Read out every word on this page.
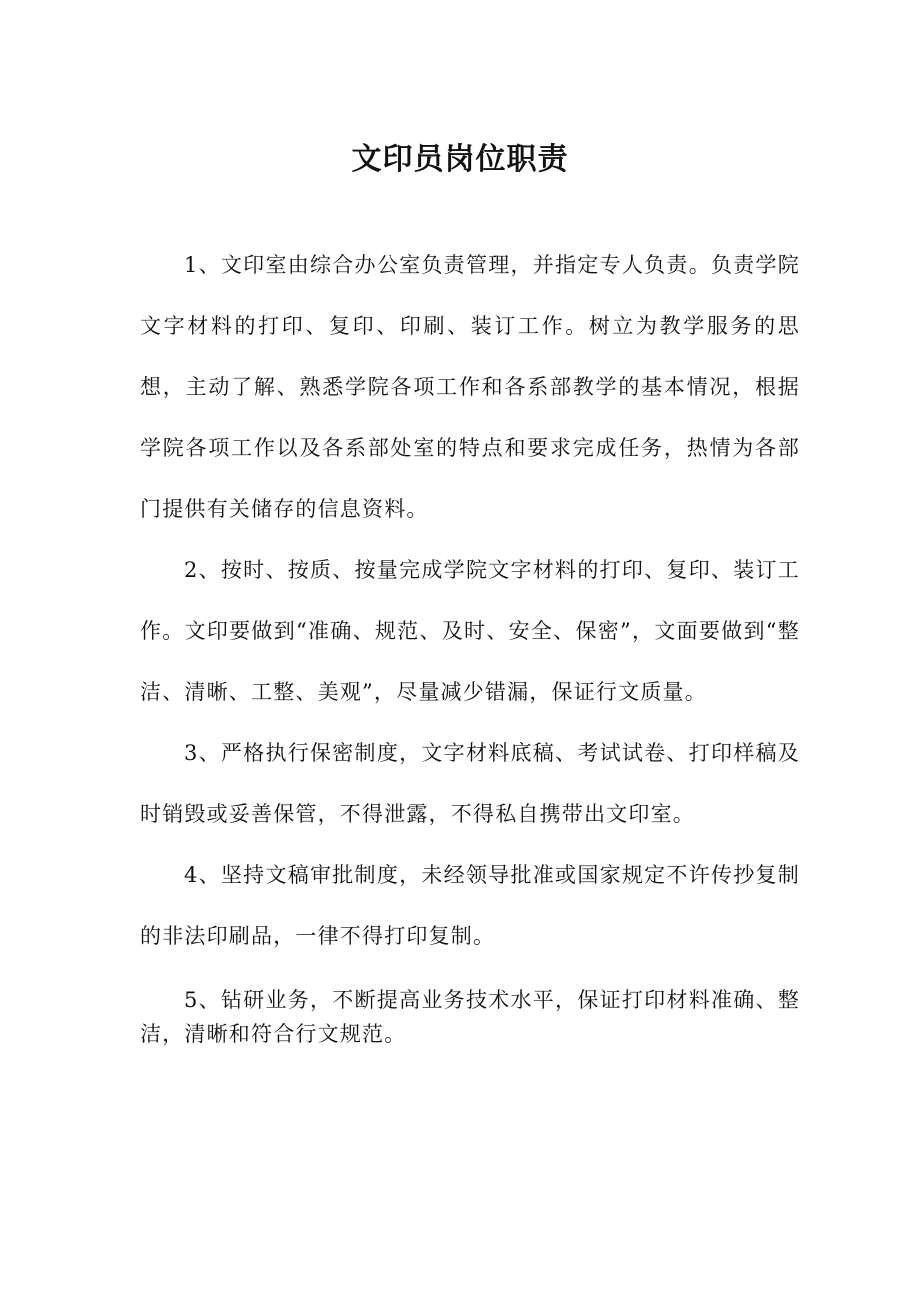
文印员岗位职责

1、文印室由综合办公室负责管理，并指定专人负责。负责学院文字材料的打印、复印、印刷、装订工作。树立为教学服务的思想，主动了解、熟悉学院各项工作和各系部教学的基本情况，根据学院各项工作以及各系部处室的特点和要求完成任务，热情为各部门提供有关储存的信息资料。

2、按时、按质、按量完成学院文字材料的打印、复印、装订工作。文印要做到“准确、规范、及时、安全、保密”，文面要做到“整洁、清晰、工整、美观”，尽量减少错漏，保证行文质量。

3、严格执行保密制度，文字材料底稿、考试试卷、打印样稿及时销毁或妥善保管，不得泄露，不得私自携带出文印室。

4、坚持文稿审批制度，未经领导批准或国家规定不许传抄复制的非法印刷品，一律不得打印复制。

5、钻研业务，不断提高业务技术水平，保证打印材料准确、整洁，清晰和符合行文规范。
